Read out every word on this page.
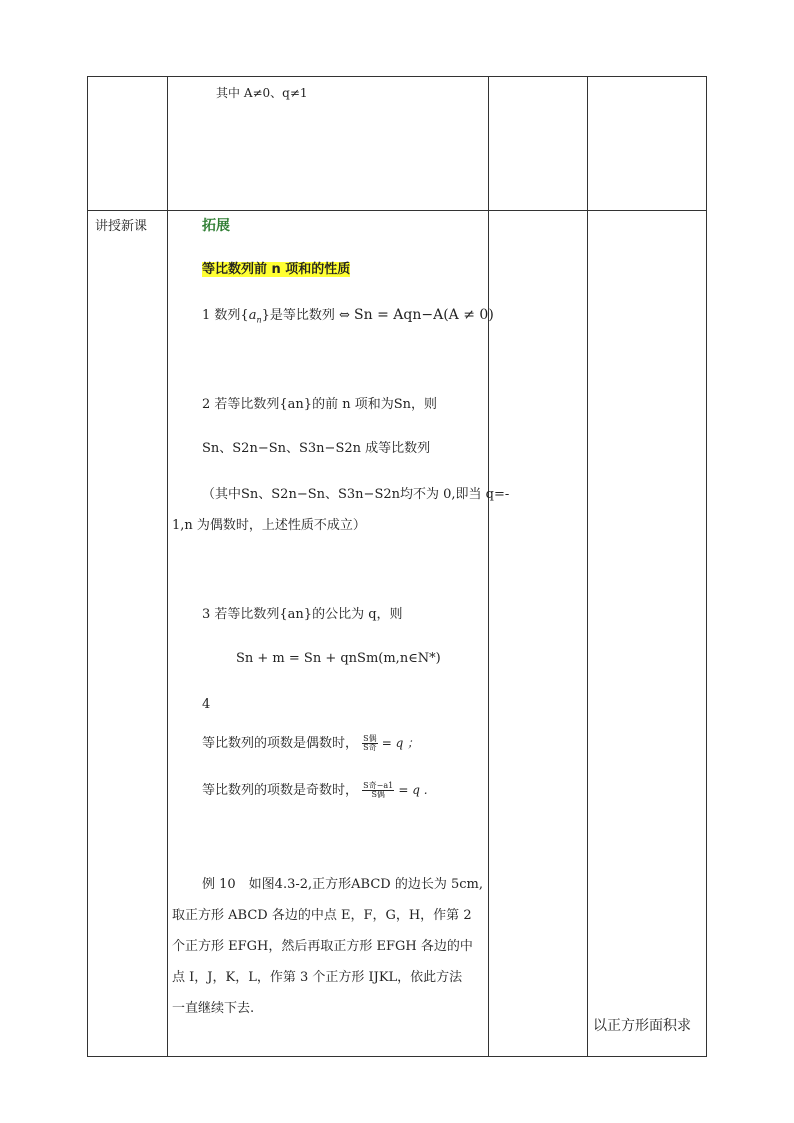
其中 A≠0、q≠1
讲授新课	拓展
等比数列前 n 项和的性质
1 数列$\{a_n\}$是等比数列 ⇔ Sn = Aqn−A(A ≠ 0)
2 若等比数列{an}的前 n 项和为Sn，则
Sn、S2n−Sn、S3n−S2n 成等比数列
（其中Sn、S2n−Sn、S3n−S2n均不为 0,即当 q=-
1,n 为偶数时，上述性质不成立）
3 若等比数列{an}的公比为 q，则
Sn + m = Sn + qnSm(m,n∈N*)
4
等比数列的项数是偶数时， $\frac{\text{S偶}}{\text{S奇}} = q$ ；
等比数列的项数是奇数时， $\frac{\text{S奇−a1}}{\text{S偶}} = q$ .
例 10　如图4.3-2,正方形ABCD 的边长为 5cm,
取正方形 ABCD 各边的中点 E，F，G，H，作第 2
个正方形 EFGH，然后再取正方形 EFGH 各边的中
点 I，J，K，L，作第 3 个正方形 IJKL，依此方法
一直继续下去.
以正方形面积求
